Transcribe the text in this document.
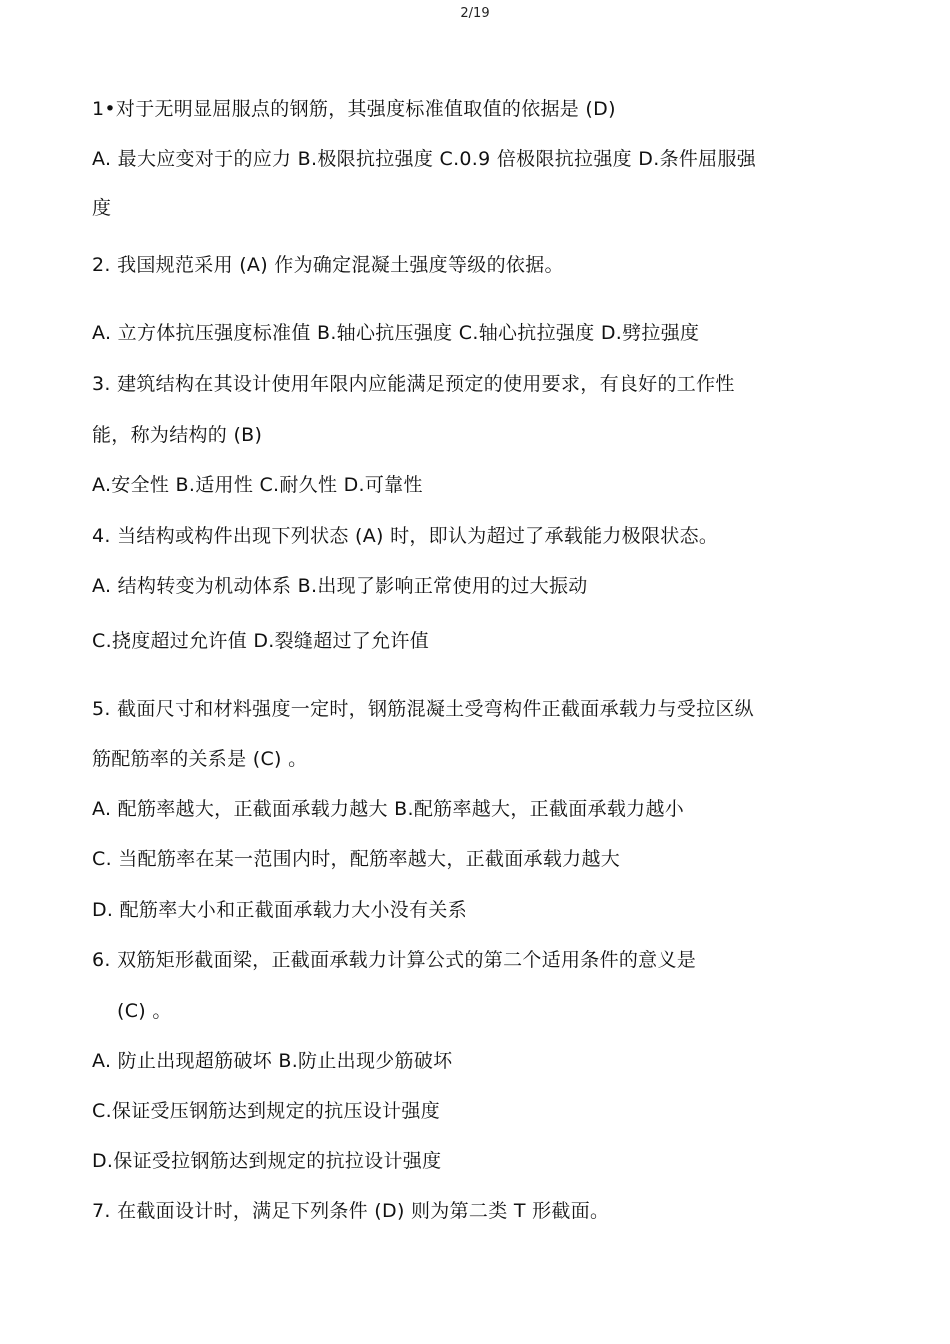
2/19
1•对于无明显屈服点的钢筋，其强度标准值取值的依据是 (D)
A. 最大应变对于的应力 B.极限抗拉强度 C.0.9 倍极限抗拉强度 D.条件屈服强
度
2. 我国规范采用 (A) 作为确定混凝土强度等级的依据。
A. 立方体抗压强度标准值 B.轴心抗压强度 C.轴心抗拉强度 D.劈拉强度
3. 建筑结构在其设计使用年限内应能满足预定的使用要求，有良好的工作性
能，称为结构的 (B)
A.安全性 B.适用性 C.耐久性 D.可靠性
4. 当结构或构件出现下列状态 (A) 时，即认为超过了承载能力极限状态。
A. 结构转变为机动体系 B.出现了影响正常使用的过大振动
C.挠度超过允许值 D.裂缝超过了允许值
5. 截面尺寸和材料强度一定时，钢筋混凝土受弯构件正截面承载力与受拉区纵
筋配筋率的关系是 (C) 。
A. 配筋率越大，正截面承载力越大 B.配筋率越大，正截面承载力越小
C. 当配筋率在某一范围内时，配筋率越大，正截面承载力越大
D. 配筋率大小和正截面承载力大小没有关系
6. 双筋矩形截面梁，正截面承载力计算公式的第二个适用条件的意义是
(C) 。
A. 防止出现超筋破坏 B.防止出现少筋破坏
C.保证受压钢筋达到规定的抗压设计强度
D.保证受拉钢筋达到规定的抗拉设计强度
7. 在截面设计时，满足下列条件 (D) 则为第二类 T 形截面。
